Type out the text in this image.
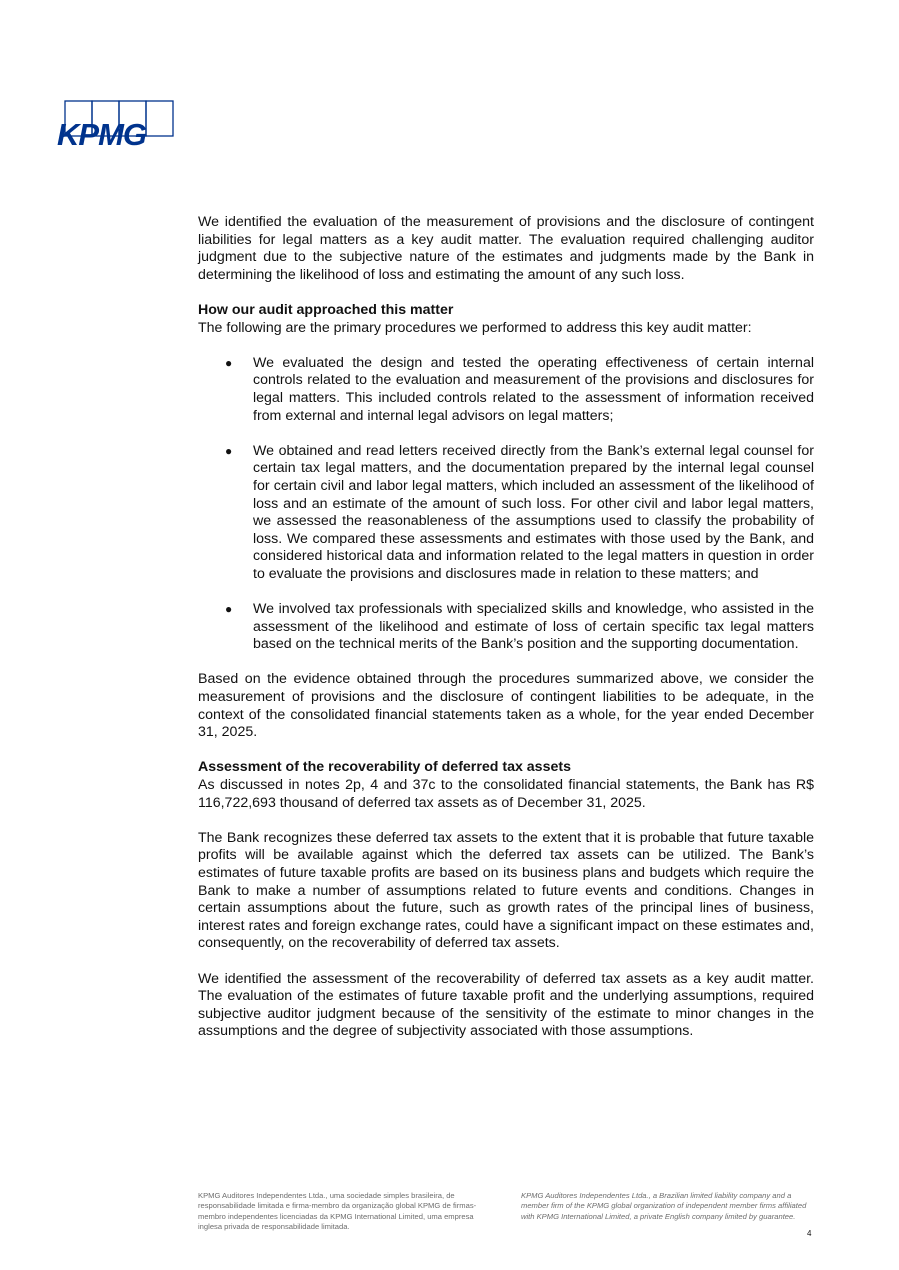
KPMG

We identified the evaluation of the measurement of provisions and the disclosure of contingent liabilities for legal matters as a key audit matter. The evaluation required challenging auditor judgment due to the subjective nature of the estimates and judgments made by the Bank in determining the likelihood of loss and estimating the amount of any such loss.

How our audit approached this matter

The following are the primary procedures we performed to address this key audit matter:

● We evaluated the design and tested the operating effectiveness of certain internal controls related to the evaluation and measurement of the provisions and disclosures for legal matters. This included controls related to the assessment of information received from external and internal legal advisors on legal matters;
● We obtained and read letters received directly from the Bank’s external legal counsel for certain tax legal matters, and the documentation prepared by the internal legal counsel for certain civil and labor legal matters, which included an assessment of the likelihood of loss and an estimate of the amount of such loss. For other civil and labor legal matters, we assessed the reasonableness of the assumptions used to classify the probability of loss. We compared these assessments and estimates with those used by the Bank, and considered historical data and information related to the legal matters in question in order to evaluate the provisions and disclosures made in relation to these matters; and
● We involved tax professionals with specialized skills and knowledge, who assisted in the assessment of the likelihood and estimate of loss of certain specific tax legal matters based on the technical merits of the Bank’s position and the supporting documentation.

Based on the evidence obtained through the procedures summarized above, we consider the measurement of provisions and the disclosure of contingent liabilities to be adequate, in the context of the consolidated financial statements taken as a whole, for the year ended December 31, 2025.

Assessment of the recoverability of deferred tax assets

As discussed in notes 2p, 4 and 37c to the consolidated financial statements, the Bank has R$ 116,722,693 thousand of deferred tax assets as of December 31, 2025.

The Bank recognizes these deferred tax assets to the extent that it is probable that future taxable profits will be available against which the deferred tax assets can be utilized. The Bank’s estimates of future taxable profits are based on its business plans and budgets which require the Bank to make a number of assumptions related to future events and conditions. Changes in certain assumptions about the future, such as growth rates of the principal lines of business, interest rates and foreign exchange rates, could have a significant impact on these estimates and, consequently, on the recoverability of deferred tax assets.

We identified the assessment of the recoverability of deferred tax assets as a key audit matter. The evaluation of the estimates of future taxable profit and the underlying assumptions, required subjective auditor judgment because of the sensitivity of the estimate to minor changes in the assumptions and the degree of subjectivity associated with those assumptions.

KPMG Auditores Independentes Ltda., uma sociedade simples brasileira, de responsabilidade limitada e firma-membro da organização global KPMG de firmas-membro independentes licenciadas da KPMG International Limited, uma empresa inglesa privada de responsabilidade limitada.
KPMG Auditores Independentes Ltda., a Brazilian limited liability company and a member firm of the KPMG global organization of independent member firms affiliated with KPMG International Limited, a private English company limited by guarantee.
4
